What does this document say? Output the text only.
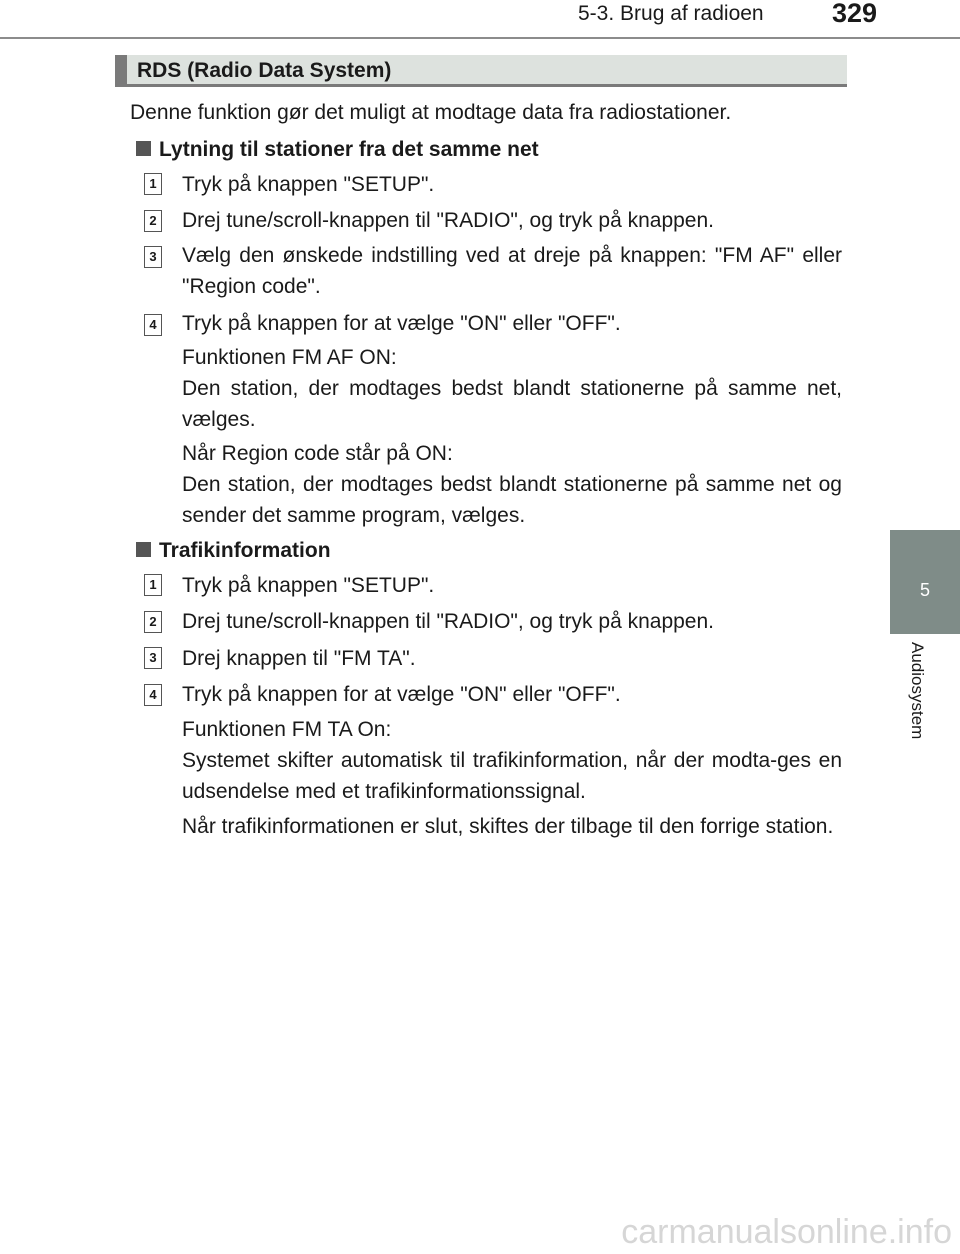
5-3. Brug af radioen	329
5
Audiosystem
RDS (Radio Data System)
Denne funktion gør det muligt at modtage data fra radiostationer.
Lytning til stationer fra det samme net
1 Tryk på knappen "SETUP".
2 Drej tune/scroll-knappen til "RADIO", og tryk på knappen.
3 Vælg den ønskede indstilling ved at dreje på knappen: "FM AF" eller "Region code".
4 Tryk på knappen for at vælge "ON" eller "OFF".
Funktionen FM AF ON:
Den station, der modtages bedst blandt stationerne på samme net, vælges.
Når Region code står på ON:
Den station, der modtages bedst blandt stationerne på samme net og sender det samme program, vælges.
Trafikinformation
1 Tryk på knappen "SETUP".
2 Drej tune/scroll-knappen til "RADIO", og tryk på knappen.
3 Drej knappen til "FM TA".
4 Tryk på knappen for at vælge "ON" eller "OFF".
Funktionen FM TA On:
Systemet skifter automatisk til trafikinformation, når der modta-ges en udsendelse med et trafikinformationssignal.
Når trafikinformationen er slut, skiftes der tilbage til den forrige station.
carmanualsonline.info
